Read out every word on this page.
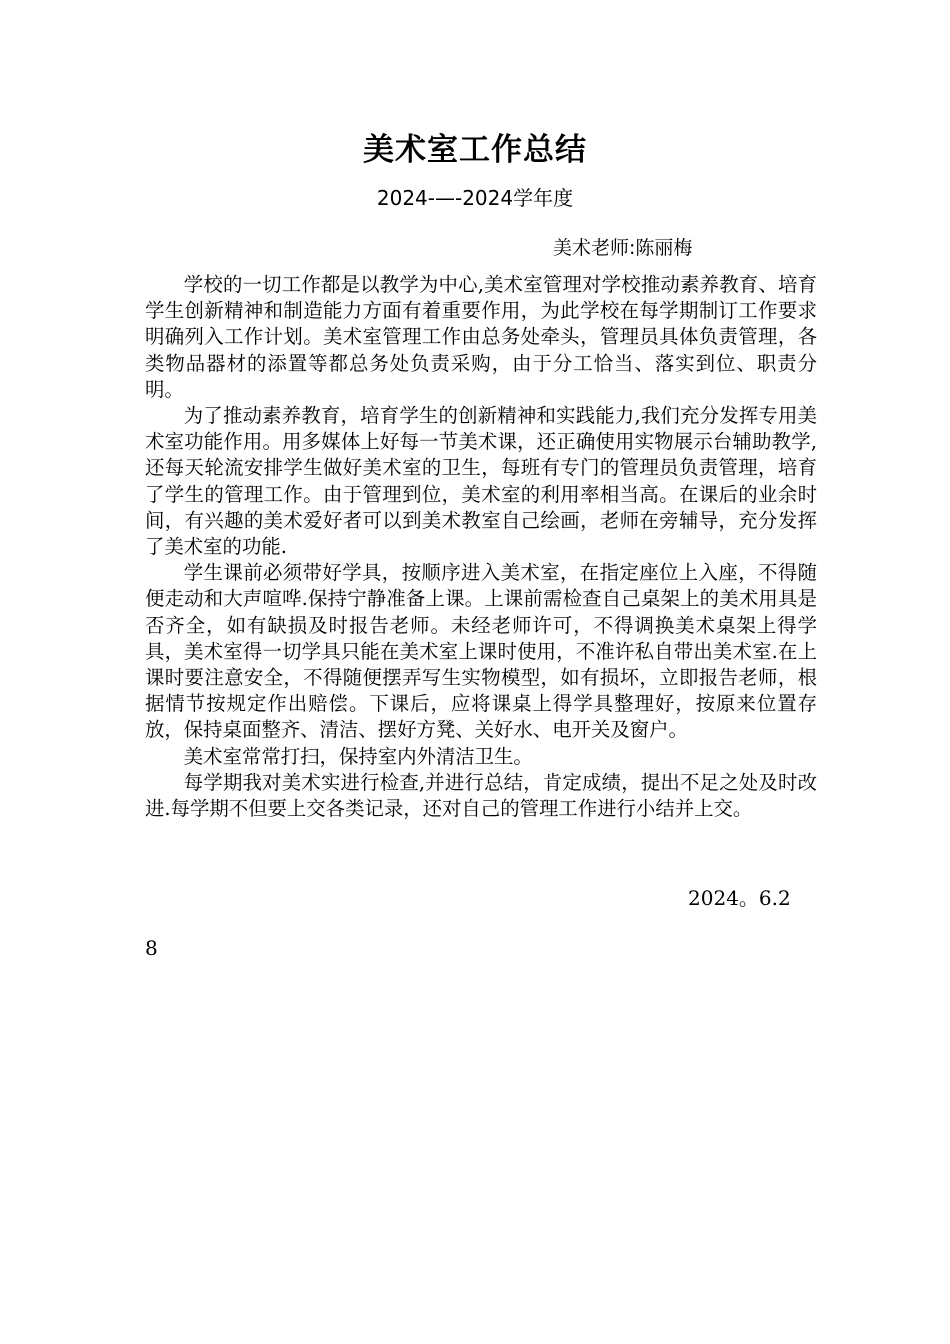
美术室工作总结
2024-—-2024学年度
美术老师:陈丽梅

学校的一切工作都是以教学为中心,美术室管理对学校推动素养教育、培育学生创新精神和制造能力方面有着重要作用，为此学校在每学期制订工作要求明确列入工作计划。美术室管理工作由总务处牵头，管理员具体负责管理，各类物品器材的添置等都总务处负责采购，由于分工恰当、落实到位、职责分明。

为了推动素养教育，培育学生的创新精神和实践能力,我们充分发挥专用美术室功能作用。用多媒体上好每一节美术课，还正确使用实物展示台辅助教学,还每天轮流安排学生做好美术室的卫生，每班有专门的管理员负责管理，培育了学生的管理工作。由于管理到位，美术室的利用率相当高。在课后的业余时间，有兴趣的美术爱好者可以到美术教室自己绘画，老师在旁辅导，充分发挥了美术室的功能.

学生课前必须带好学具，按顺序进入美术室，在指定座位上入座，不得随便走动和大声喧哗.保持宁静准备上课。上课前需检查自己桌架上的美术用具是否齐全，如有缺损及时报告老师。未经老师许可，不得调换美术桌架上得学具，美术室得一切学具只能在美术室上课时使用，不准许私自带出美术室.在上课时要注意安全，不得随便摆弄写生实物模型，如有损坏，立即报告老师，根据情节按规定作出赔偿。下课后，应将课桌上得学具整理好，按原来位置存放，保持桌面整齐、清洁、摆好方凳、关好水、电开关及窗户。

美术室常常打扫，保持室内外清洁卫生。

每学期我对美术实进行检查,并进行总结，肯定成绩，提出不足之处及时改进.每学期不但要上交各类记录，还对自己的管理工作进行小结并上交。

2024。6.2
8
